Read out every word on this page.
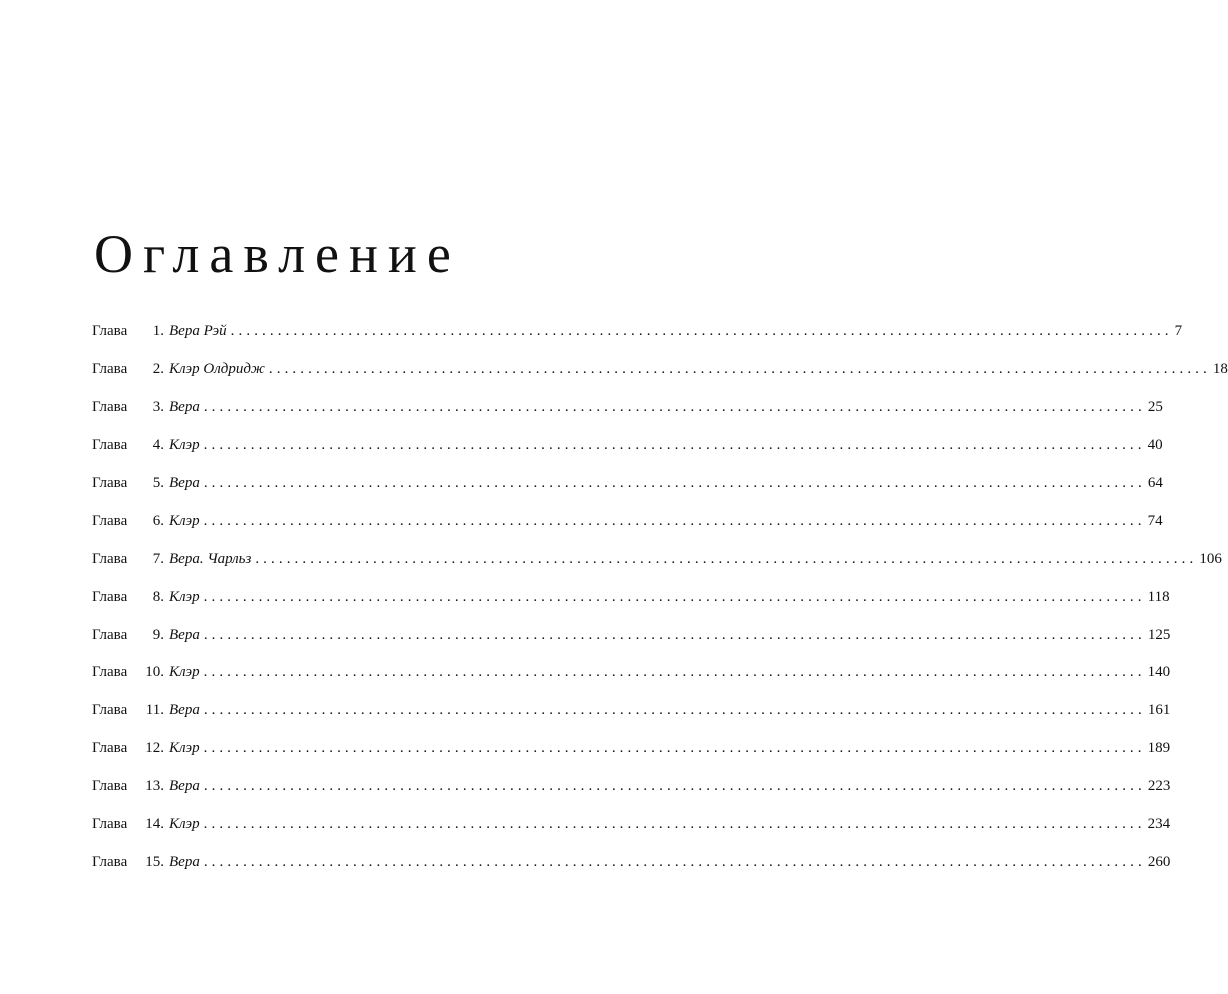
Оглавление
Глава	1. Вера Рэй ........................................................................................................................ 7
Глава	2. Клэр Олдридж ........................................................................................................................ 18
Глава	3. Вера ........................................................................................................................ 25
Глава	4. Клэр ........................................................................................................................ 40
Глава	5. Вера ........................................................................................................................ 64
Глава	6. Клэр ........................................................................................................................ 74
Глава	7. Вера. Чарльз ........................................................................................................................ 106
Глава	8. Клэр ........................................................................................................................ 118
Глава	9. Вера ........................................................................................................................ 125
Глава	10. Клэр ........................................................................................................................ 140
Глава	11. Вера ........................................................................................................................ 161
Глава	12. Клэр ........................................................................................................................ 189
Глава	13. Вера ........................................................................................................................ 223
Глава	14. Клэр ........................................................................................................................ 234
Глава	15. Вера ........................................................................................................................ 260
